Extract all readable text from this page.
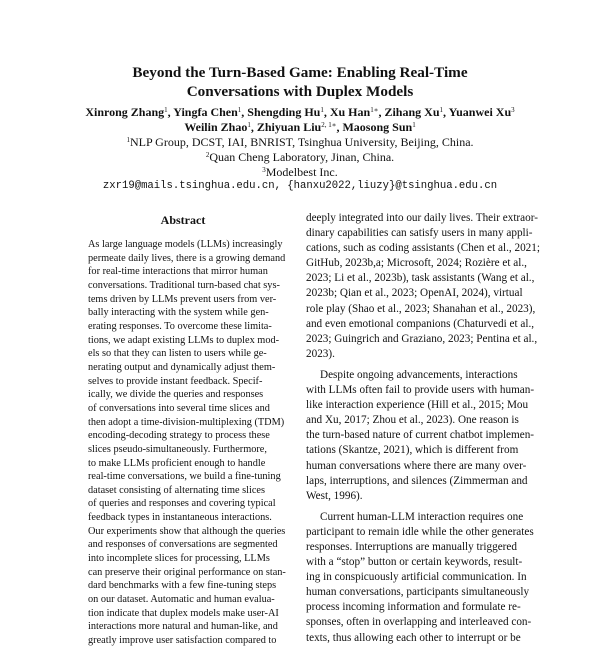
Beyond the Turn-Based Game: Enabling Real-Time
Conversations with Duplex Models
Xinrong Zhang$^1$, Yingfa Chen$^1$, Shengding Hu$^1$, Xu Han$^{1∗}$, Zihang Xu$^1$, Yuanwei Xu$^3$
Weilin Zhao$^1$, Zhiyuan Liu$^{2, 1∗}$, Maosong Sun$^1$
$^1$NLP Group, DCST, IAI, BNRIST, Tsinghua University, Beijing, China.
$^2$Quan Cheng Laboratory, Jinan, China.
$^3$Modelbest Inc.
zxr19@mails.tsinghua.edu.cn, {hanxu2022,liuzy}@tsinghua.edu.cn
Abstract
As large language models (LLMs) increasingly
permeate daily lives, there is a growing demand
for real-time interactions that mirror human
conversations. Traditional turn-based chat sys-
tems driven by LLMs prevent users from ver-
bally interacting with the system while gen-
erating responses. To overcome these limita-
tions, we adapt existing LLMs to duplex mod-
els so that they can listen to users while ge-
nerating output and dynamically adjust them-
selves to provide instant feedback. Specif-
ically, we divide the queries and responses
of conversations into several time slices and
then adopt a time-division-multiplexing (TDM)
encoding-decoding strategy to process these
slices pseudo-simultaneously. Furthermore,
to make LLMs proficient enough to handle
real-time conversations, we build a fine-tuning
dataset consisting of alternating time slices
of queries and responses and covering typical
feedback types in instantaneous interactions.
Our experiments show that although the queries
and responses of conversations are segmented
into incomplete slices for processing, LLMs
can preserve their original performance on stan-
dard benchmarks with a few fine-tuning steps
on our dataset. Automatic and human evalua-
tion indicate that duplex models make user-AI
interactions more natural and human-like, and
greatly improve user satisfaction compared to
deeply integrated into our daily lives. Their extraor-
dinary capabilities can satisfy users in many appli-
cations, such as coding assistants (Chen et al., 2021;
GitHub, 2023b,a; Microsoft, 2024; Rozière et al.,
2023; Li et al., 2023b), task assistants (Wang et al.,
2023b; Qian et al., 2023; OpenAI, 2024), virtual
role play (Shao et al., 2023; Shanahan et al., 2023),
and even emotional companions (Chaturvedi et al.,
2023; Guingrich and Graziano, 2023; Pentina et al.,
2023).
Despite ongoing advancements, interactions
with LLMs often fail to provide users with human-
like interaction experience (Hill et al., 2015; Mou
and Xu, 2017; Zhou et al., 2023). One reason is
the turn-based nature of current chatbot implemen-
tations (Skantze, 2021), which is different from
human conversations where there are many over-
laps, interruptions, and silences (Zimmerman and
West, 1996).
Current human-LLM interaction requires one
participant to remain idle while the other generates
responses. Interruptions are manually triggered
with a “stop” button or certain keywords, result-
ing in conspicuously artificial communication. In
human conversations, participants simultaneously
process incoming information and formulate re-
sponses, often in overlapping and interleaved con-
texts, thus allowing each other to interrupt or be
